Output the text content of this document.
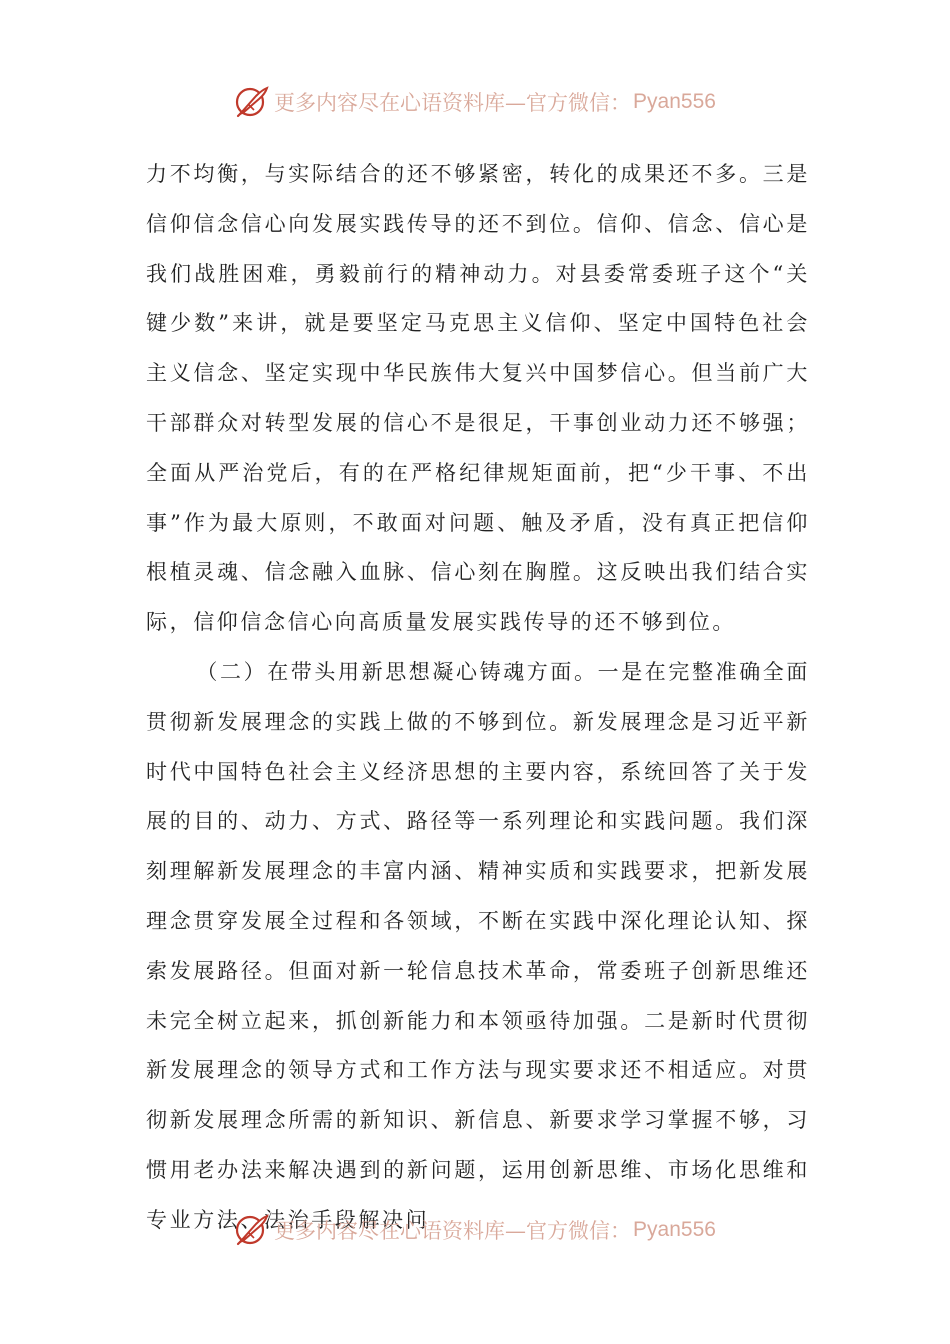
更多内容尽在心语资料库—官方微信： Pyan556

力不均衡，与实际结合的还不够紧密，转化的成果还不多。三是信仰信念信心向发展实践传导的还不到位。信仰、信念、信心是我们战胜困难，勇毅前行的精神动力。对县委常委班子这个“关键少数”来讲，就是要坚定马克思主义信仰、坚定中国特色社会主义信念、坚定实现中华民族伟大复兴中国梦信心。但当前广大干部群众对转型发展的信心不是很足，干事创业动力还不够强；全面从严治党后，有的在严格纪律规矩面前，把“少干事、不出事”作为最大原则，不敢面对问题、触及矛盾，没有真正把信仰根植灵魂、信念融入血脉、信心刻在胸膛。这反映出我们结合实际，信仰信念信心向高质量发展实践传导的还不够到位。

（二）在带头用新思想凝心铸魂方面。一是在完整准确全面贯彻新发展理念的实践上做的不够到位。新发展理念是习近平新时代中国特色社会主义经济思想的主要内容，系统回答了关于发展的目的、动力、方式、路径等一系列理论和实践问题。我们深刻理解新发展理念的丰富内涵、精神实质和实践要求，把新发展理念贯穿发展全过程和各领域，不断在实践中深化理论认知、探索发展路径。但面对新一轮信息技术革命，常委班子创新思维还未完全树立起来，抓创新能力和本领亟待加强。二是新时代贯彻新发展理念的领导方式和工作方法与现实要求还不相适应。对贯彻新发展理念所需的新知识、新信息、新要求学习掌握不够，习惯用老办法来解决遇到的新问题，运用创新思维、市场化思维和专业方法、法治手段解决问

更多内容尽在心语资料库—官方微信： Pyan556
